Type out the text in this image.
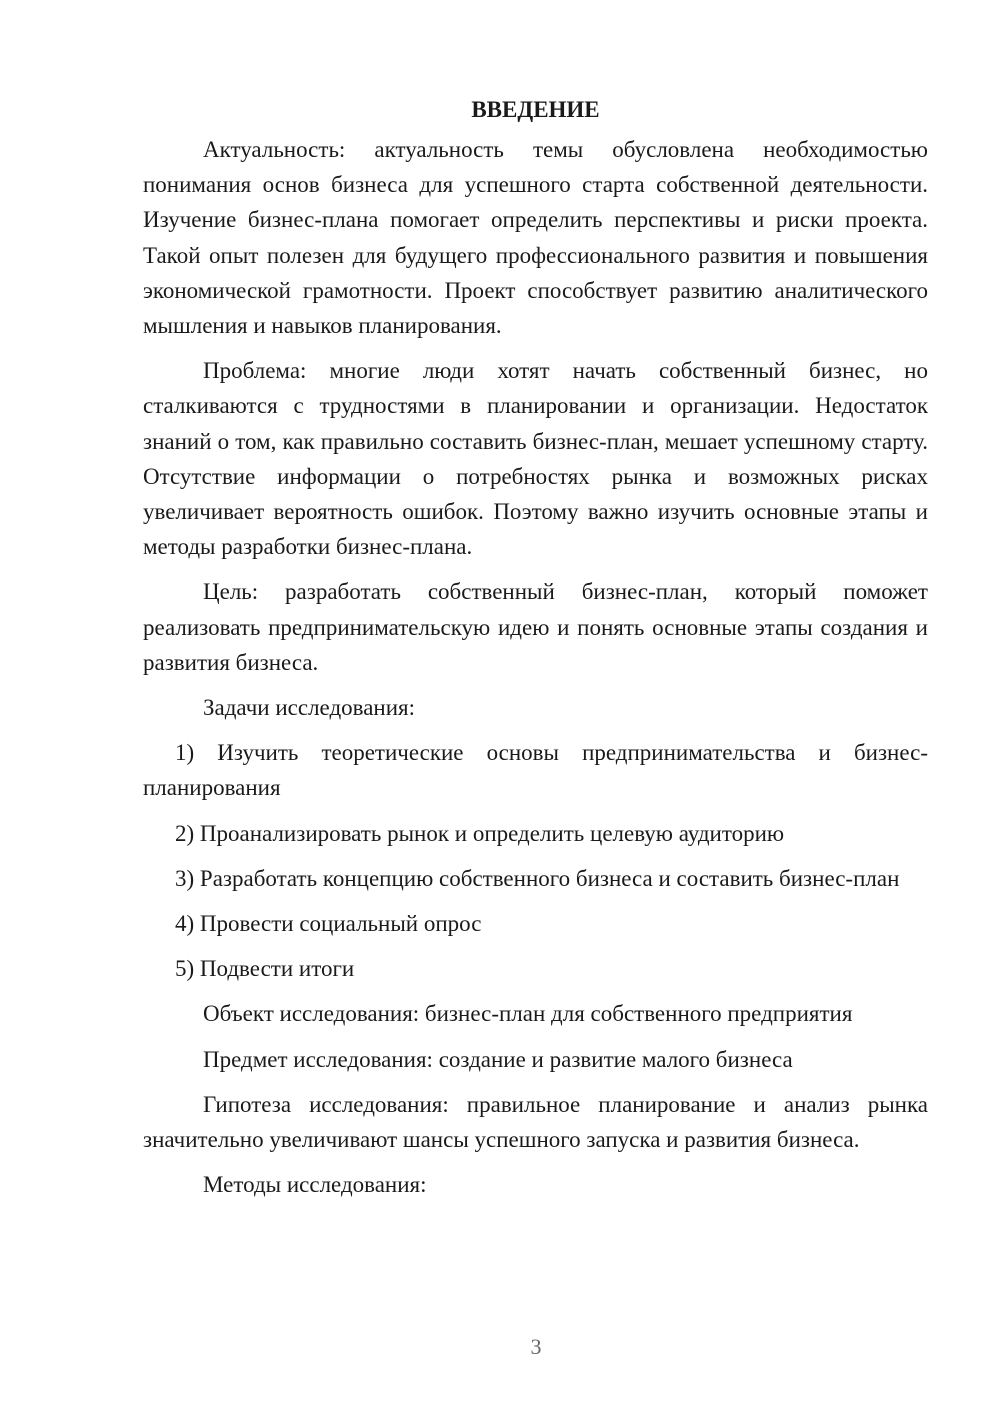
ВВЕДЕНИЕ

Актуальность: актуальность темы обусловлена необходимостью понимания основ бизнеса для успешного старта собственной деятельности. Изучение бизнес-плана помогает определить перспективы и риски проекта. Такой опыт полезен для будущего профессионального развития и повышения экономической грамотности. Проект способствует развитию аналитического мышления и навыков планирования.

Проблема: многие люди хотят начать собственный бизнес, но сталкиваются с трудностями в планировании и организации. Недостаток знаний о том, как правильно составить бизнес-план, мешает успешному старту. Отсутствие информации о потребностях рынка и возможных рисках увеличивает вероятность ошибок. Поэтому важно изучить основные этапы и методы разработки бизнес-плана.

Цель: разработать собственный бизнес-план, который поможет реализовать предпринимательскую идею и понять основные этапы создания и развития бизнеса.

Задачи исследования:

1) Изучить теоретические основы предпринимательства и бизнес-планирования

2) Проанализировать рынок и определить целевую аудиторию

3) Разработать концепцию собственного бизнеса и составить бизнес-план

4) Провести социальный опрос

5) Подвести итоги

Объект исследования: бизнес-план для собственного предприятия

Предмет исследования: создание и развитие малого бизнеса

Гипотеза исследования: правильное планирование и анализ рынка значительно увеличивают шансы успешного запуска и развития бизнеса.

Методы исследования:

3
